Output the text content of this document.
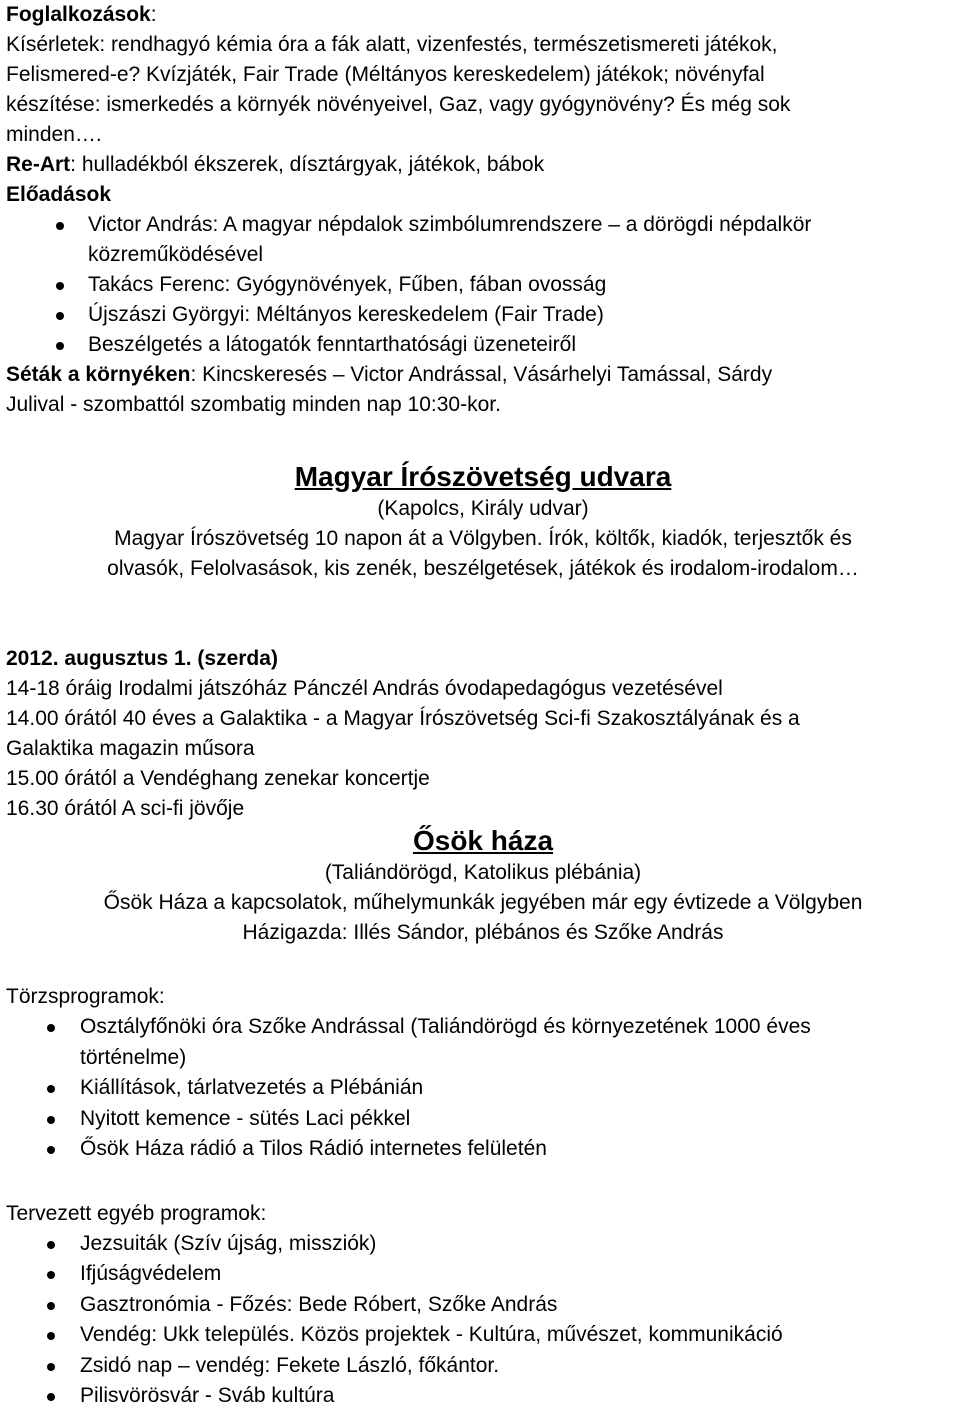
Foglalkozások:
Kísérletek: rendhagyó kémia óra a fák alatt, vizenfestés, természetismereti játékok,
Felismered-e? Kvízjáték, Fair Trade (Méltányos kereskedelem) játékok; növényfal
készítése: ismerkedés a környék növényeivel, Gaz, vagy gyógynövény? És még sok
minden….
Re-Art: hulladékból ékszerek, dísztárgyak, játékok, bábok
Előadások
Victor András: A magyar népdalok szimbólumrendszere – a dörögdi népdalkör közreműködésével
Takács Ferenc: Gyógynövények, Fűben, fában ovosság
Újszászi Györgyi: Méltányos kereskedelem (Fair Trade)
Beszélgetés a látogatók fenntarthatósági üzeneteiről
Séták a környéken: Kincskeresés – Victor Andrással, Vásárhelyi Tamással, Sárdy
Julival - szombattól szombatig minden nap 10:30-kor.
Magyar Írószövetség udvara
(Kapolcs, Király udvar)
Magyar Írószövetség 10 napon át a Völgyben. Írók, költők, kiadók, terjesztők és
olvasók, Felolvasások, kis zenék, beszélgetések, játékok és irodalom-irodalom…
2012. augusztus 1. (szerda)
14-18 óráig Irodalmi játszóház Pánczél András óvodapedagógus vezetésével
14.00 órától 40 éves a Galaktika - a Magyar Írószövetség Sci-fi Szakosztályának és a
Galaktika magazin műsora
15.00 órától a Vendéghang zenekar koncertje
16.30 órától A sci-fi jövője
Ősök háza
(Taliándörögd, Katolikus plébánia)
Ősök Háza a kapcsolatok, műhelymunkák jegyében már egy évtizede a Völgyben
Házigazda: Illés Sándor, plébános és Szőke András
Törzsprogramok:
Osztályfőnöki óra Szőke Andrással (Taliándörögd és környezetének 1000 éves történelme)
Kiállítások, tárlatvezetés a Plébánián
Nyitott kemence - sütés Laci pékkel
Ősök Háza rádió a Tilos Rádió internetes felületén
Tervezett egyéb programok:
Jezsuiták (Szív újság, missziók)
Ifjúságvédelem
Gasztronómia - Főzés: Bede Róbert, Szőke András
Vendég: Ukk település. Közös projektek - Kultúra, művészet, kommunikáció
Zsidó nap – vendég: Fekete László, főkántor.
Pilisvörösvár - Sváb kultúra
